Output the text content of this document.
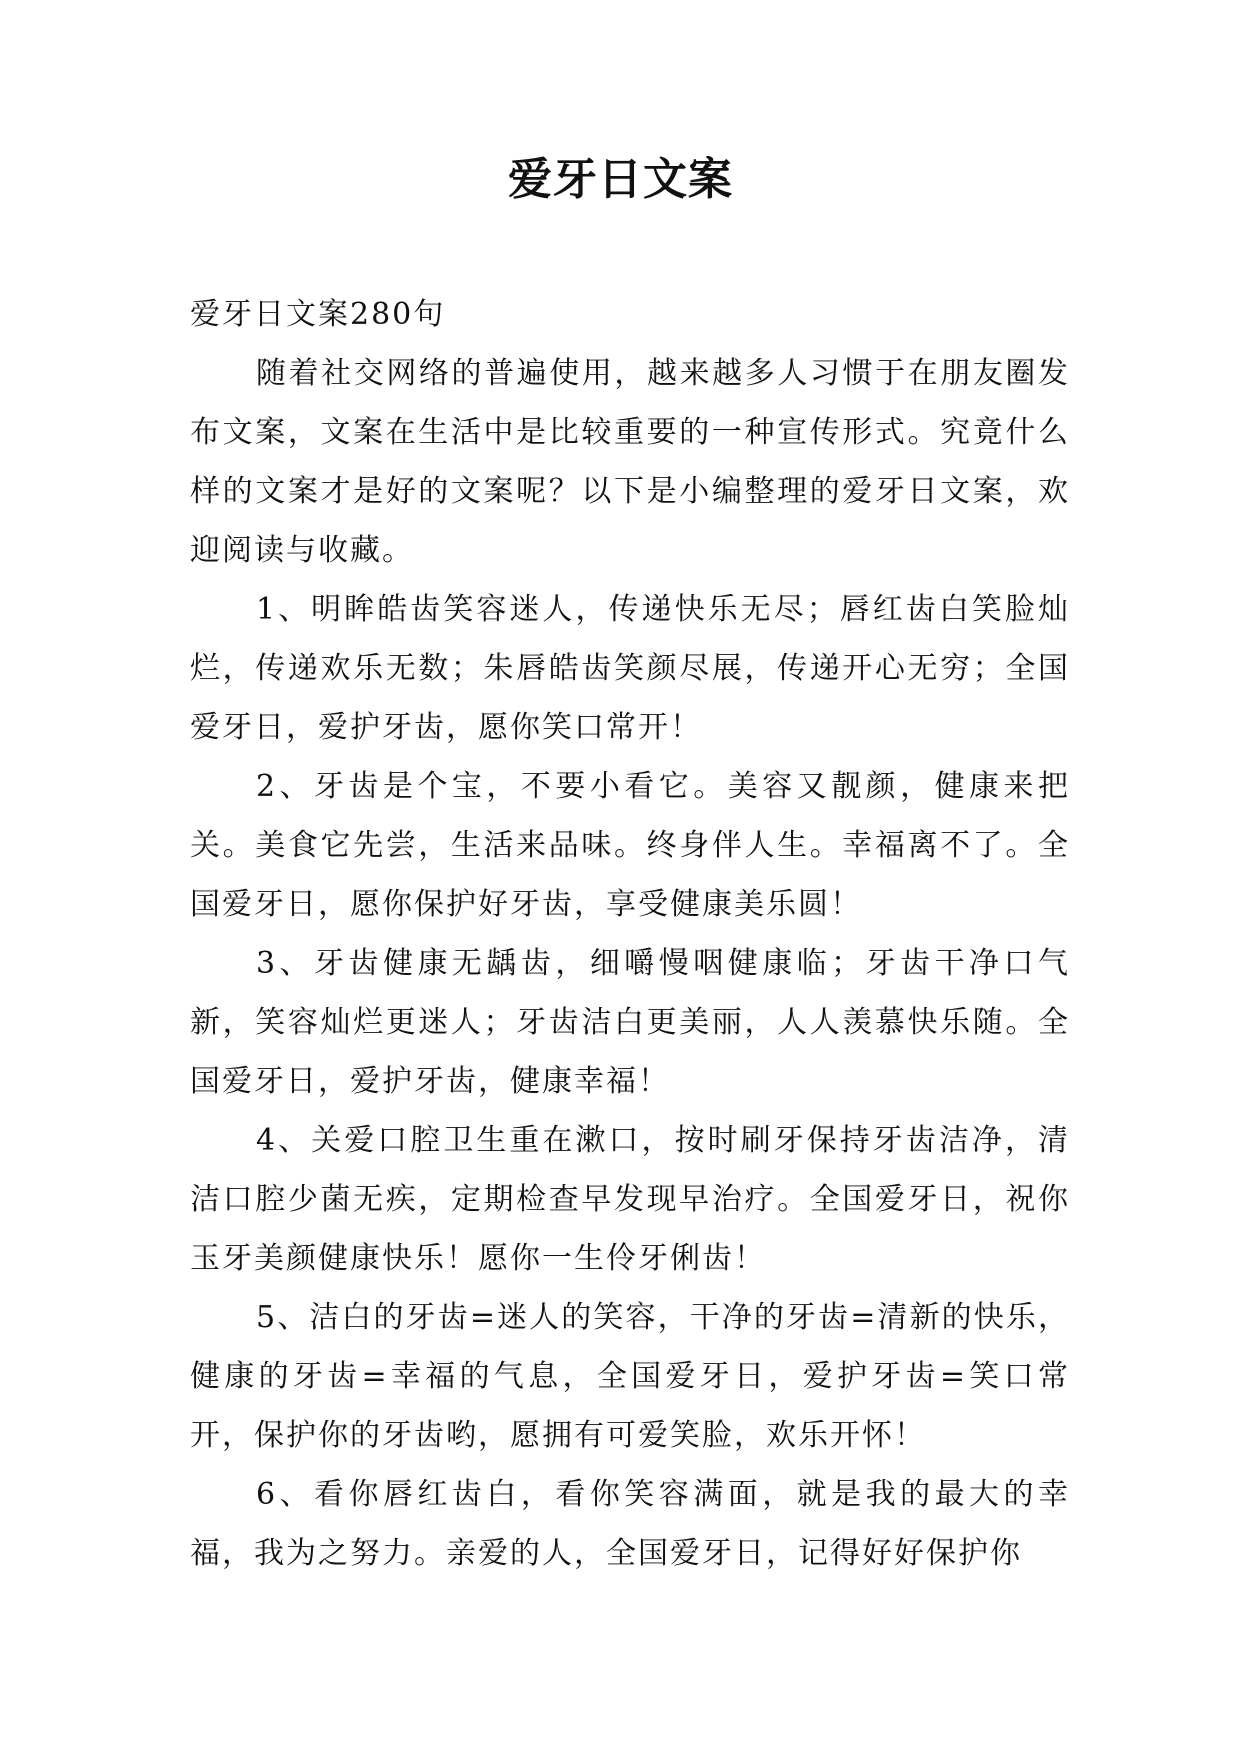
爱牙日文案

爱牙日文案280句

随着社交网络的普遍使用，越来越多人习惯于在朋友圈发布文案，文案在生活中是比较重要的一种宣传形式。究竟什么样的文案才是好的文案呢？以下是小编整理的爱牙日文案，欢迎阅读与收藏。

1、明眸皓齿笑容迷人，传递快乐无尽；唇红齿白笑脸灿烂，传递欢乐无数；朱唇皓齿笑颜尽展，传递开心无穷；全国爱牙日，爱护牙齿，愿你笑口常开！

2、牙齿是个宝，不要小看它。美容又靓颜，健康来把关。美食它先尝，生活来品味。终身伴人生。幸福离不了。全国爱牙日，愿你保护好牙齿，享受健康美乐圆！

3、牙齿健康无龋齿，细嚼慢咽健康临；牙齿干净口气新，笑容灿烂更迷人；牙齿洁白更美丽，人人羡慕快乐随。全国爱牙日，爱护牙齿，健康幸福！

4、关爱口腔卫生重在漱口，按时刷牙保持牙齿洁净，清洁口腔少菌无疾，定期检查早发现早治疗。全国爱牙日，祝你玉牙美颜健康快乐！愿你一生伶牙俐齿！

5、洁白的牙齿=迷人的笑容，干净的牙齿=清新的快乐，健康的牙齿=幸福的气息，全国爱牙日，爱护牙齿=笑口常开，保护你的牙齿哟，愿拥有可爱笑脸，欢乐开怀！

6、看你唇红齿白，看你笑容满面，就是我的最大的幸福，我为之努力。亲爱的人，全国爱牙日，记得好好保护你
